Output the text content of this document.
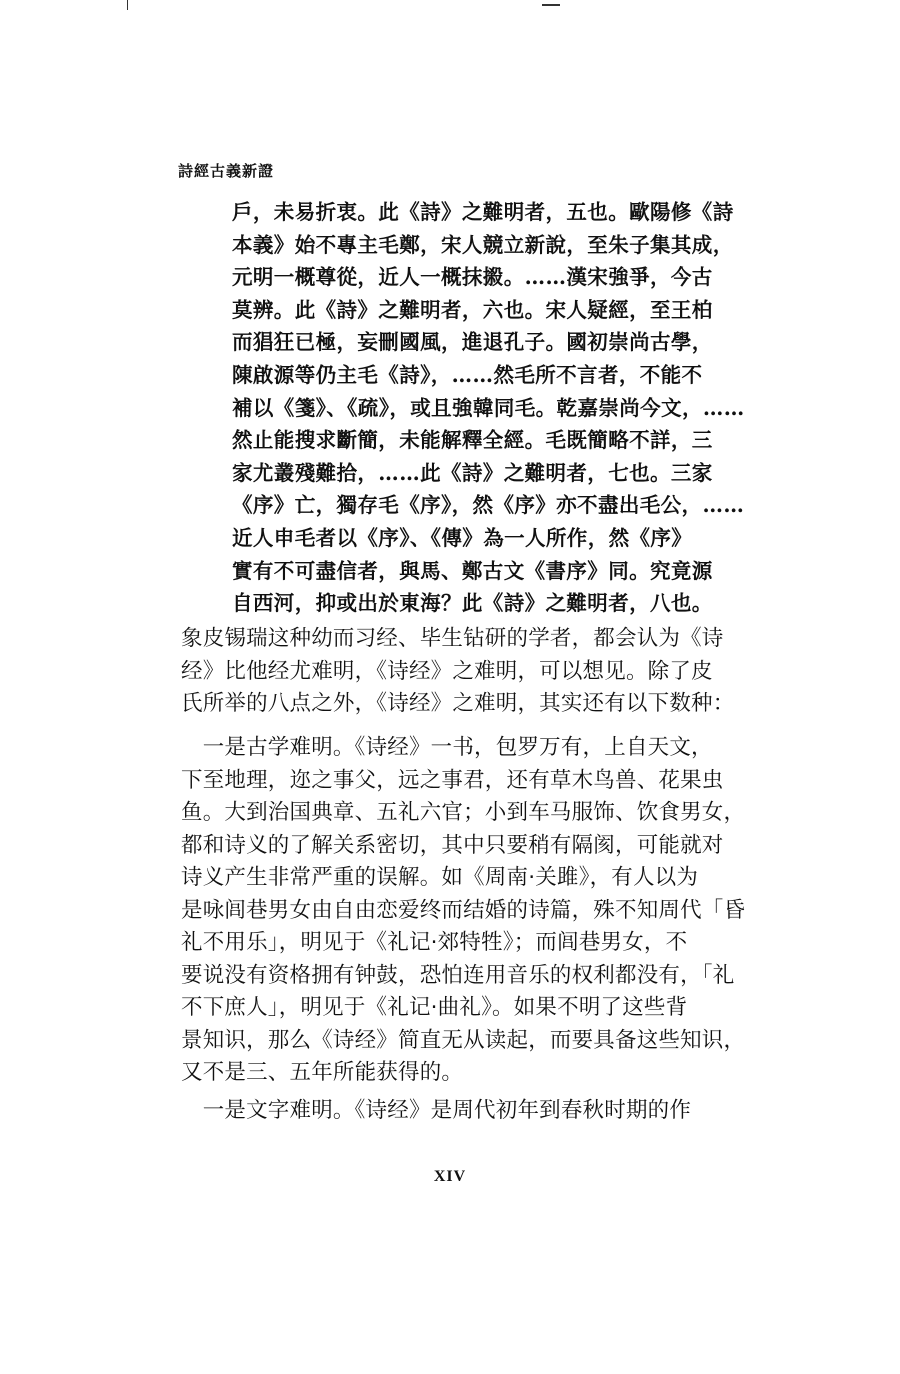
詩經古義新證
戶，未易折衷。此《詩》之難明者，五也。歐陽修《詩
本義》始不專主毛鄭，宋人競立新說，至朱子集其成，
元明一概尊從，近人一概抹摋。……漢宋強爭，今古
莫辨。此《詩》之難明者，六也。宋人疑經，至王柏
而猖狂已極，妄刪國風，進退孔子。國初崇尚古學，
陳啟源等仍主毛《詩》，……然毛所不言者，不能不
補以《箋》、《疏》，或且強韓同毛。乾嘉崇尚今文，……
然止能搜求斷簡，未能解釋全經。毛既簡略不詳，三
家尤叢殘難拾，……此《詩》之難明者，七也。三家
《序》亡，獨存毛《序》，然《序》亦不盡出毛公，……
近人申毛者以《序》、《傳》為一人所作，然《序》
實有不可盡信者，與馬、鄭古文《書序》同。究竟源
自西河，抑或出於東海？此《詩》之難明者，八也。
象皮锡瑞这种幼而习经、毕生钻研的学者，都会认为《诗
经》比他经尤难明，《诗经》之难明，可以想见。除了皮
氏所举的八点之外，《诗经》之难明，其实还有以下数种：
　一是古学难明。《诗经》一书，包罗万有，上自天文，
下至地理，迩之事父，远之事君，还有草木鸟兽、花果虫
鱼。大到治国典章、五礼六官；小到车马服饰、饮食男女，
都和诗义的了解关系密切，其中只要稍有隔阂，可能就对
诗义产生非常严重的误解。如《周南·关雎》，有人以为
是咏闾巷男女由自由恋爱终而结婚的诗篇，殊不知周代「昏
礼不用乐」，明见于《礼记·郊特牲》；而闾巷男女，不
要说没有资格拥有钟鼓，恐怕连用音乐的权利都没有，「礼
不下庶人」，明见于《礼记·曲礼》。如果不明了这些背
景知识，那么《诗经》简直无从读起，而要具备这些知识，
又不是三、五年所能获得的。
　一是文字难明。《诗经》是周代初年到春秋时期的作
XIV
